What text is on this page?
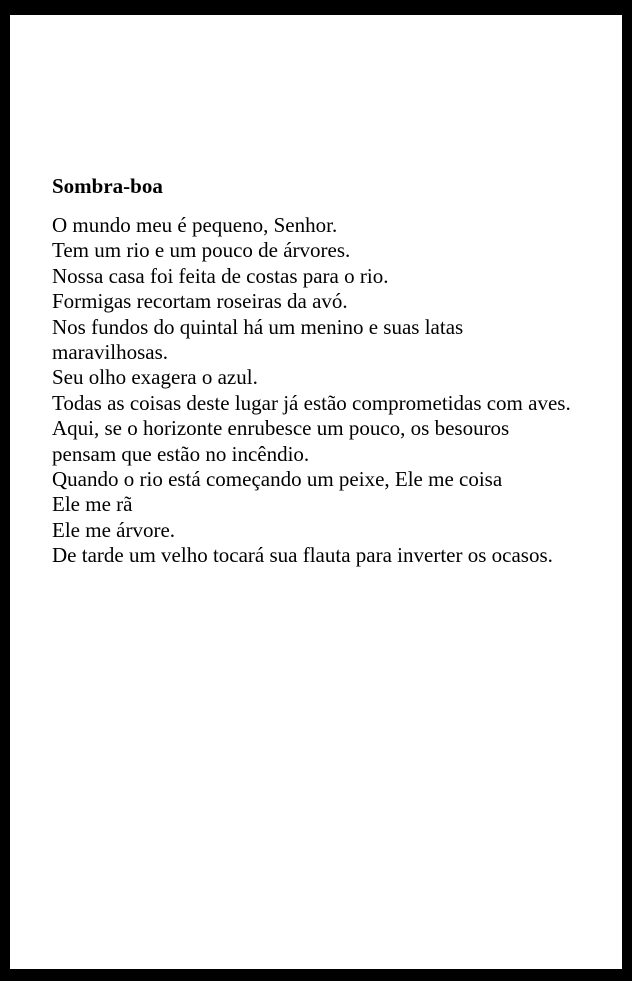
Sombra-boa
O mundo meu é pequeno, Senhor.
Tem um rio e um pouco de árvores.
Nossa casa foi feita de costas para o rio.
Formigas recortam roseiras da avó.
Nos fundos do quintal há um menino e suas latas maravilhosas.
Seu olho exagera o azul.
Todas as coisas deste lugar já estão comprometidas com aves.
Aqui, se o horizonte enrubesce um pouco, os besouros pensam que estão no incêndio.
Quando o rio está começando um peixe, Ele me coisa
Ele me rã
Ele me árvore.
De tarde um velho tocará sua flauta para inverter os ocasos.
